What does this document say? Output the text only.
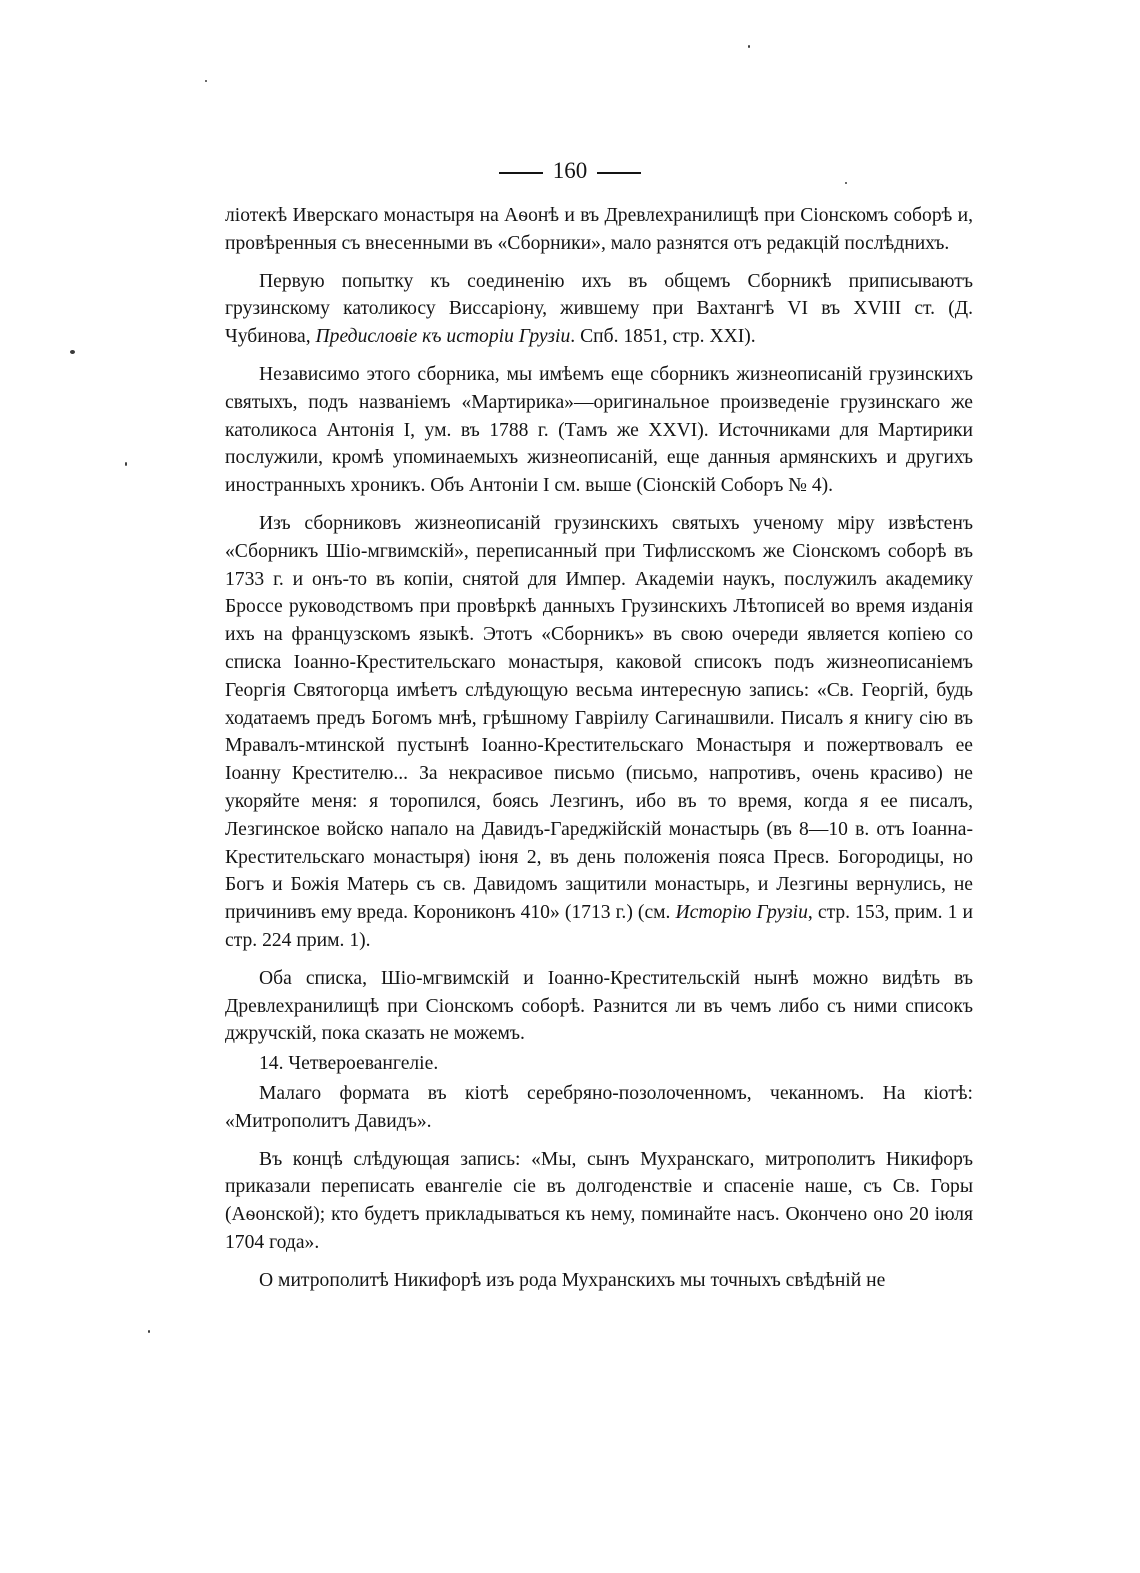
160

ліотекѣ Иверскаго монастыря на Аѳонѣ и въ Древлехранилищѣ при Сіонскомъ соборѣ и, провѣренныя съ внесенными въ «Сборники», мало разнятся отъ редакцій послѣднихъ.

Первую попытку къ соединенію ихъ въ общемъ Сборникѣ приписываютъ грузинскому католикосу Виссаріону, жившему при Вахтангѣ VI въ XVIII ст. (Д. Чубинова, Предисловіе къ исторіи Грузіи. Спб. 1851, стр. XXI).

Независимо этого сборника, мы имѣемъ еще сборникъ жизнеописаній грузинскихъ святыхъ, подъ названіемъ «Мартирика»—оригинальное произведеніе грузинскаго же католикоса Антонія I, ум. въ 1788 г. (Тамъ же XXVI). Источниками для Мартирики послужили, кромѣ упоминаемыхъ жизнеописаній, еще данныя армянскихъ и другихъ иностранныхъ хроникъ. Объ Антоніи I см. выше (Сіонскій Соборъ № 4).

Изъ сборниковъ жизнеописаній грузинскихъ святыхъ ученому міру извѣстенъ «Сборникъ Шіо-мгвимскій», переписанный при Тифлисскомъ же Сіонскомъ соборѣ въ 1733 г. и онъ-то въ копіи, снятой для Импер. Академіи наукъ, послужилъ академику Броссе руководствомъ при провѣркѣ данныхъ Грузинскихъ Лѣтописей во время изданія ихъ на французскомъ языкѣ. Этотъ «Сборникъ» въ свою очереди является копіею со списка Іоанно-Крестительскаго монастыря, каковой списокъ подъ жизнеописаніемъ Георгія Святогорца имѣетъ слѣдующую весьма интересную запись: «Св. Георгій, будь ходатаемъ предъ Богомъ мнѣ, грѣшному Гавріилу Сагинашвили. Писалъ я книгу сію въ Мравалъ-мтинской пустынѣ Іоанно-Крестительскаго Монастыря и пожертвовалъ ее Іоанну Крестителю... За некрасивое письмо (письмо, напротивъ, очень красиво) не укоряйте меня: я торопился, боясь Лезгинъ, ибо въ то время, когда я ее писалъ, Лезгинское войско напало на Давидъ-Гареджійскій монастырь (въ 8—10 в. отъ Іоанна-Крестительскаго монастыря) іюня 2, въ день положенія пояса Пресв. Богородицы, но Богъ и Божія Матерь съ св. Давидомъ защитили монастырь, и Лезгины вернулись, не причинивъ ему вреда. Кoрониконъ 410» (1713 г.) (см. Исторію Грузіи, стр. 153, прим. 1 и стр. 224 прим. 1).

Оба списка, Шіо-мгвимскій и Іоанно-Крестительскій нынѣ можно видѣть въ Древлехранилищѣ при Сіонскомъ соборѣ. Разнится ли въ чемъ либо съ ними списокъ джручскій, пока сказать не можемъ.

14. Четвероевангеліе.

Малаго формата въ кіотѣ серебряно-позолоченномъ, чеканномъ. На кіотѣ: «Митрополитъ Давидъ».

Въ концѣ слѣдующая запись: «Мы, сынъ Мухранскаго, митрополитъ Никифоръ приказали переписать евангеліе сіе въ долгоденствіе и спасеніе наше, съ Св. Горы (Аѳонской); кто будетъ прикладываться къ нему, поминайте насъ. Окончено оно 20 іюля 1704 года».

О митрополитѣ Никифорѣ изъ рода Мухранскихъ мы точныхъ свѣдѣній не
